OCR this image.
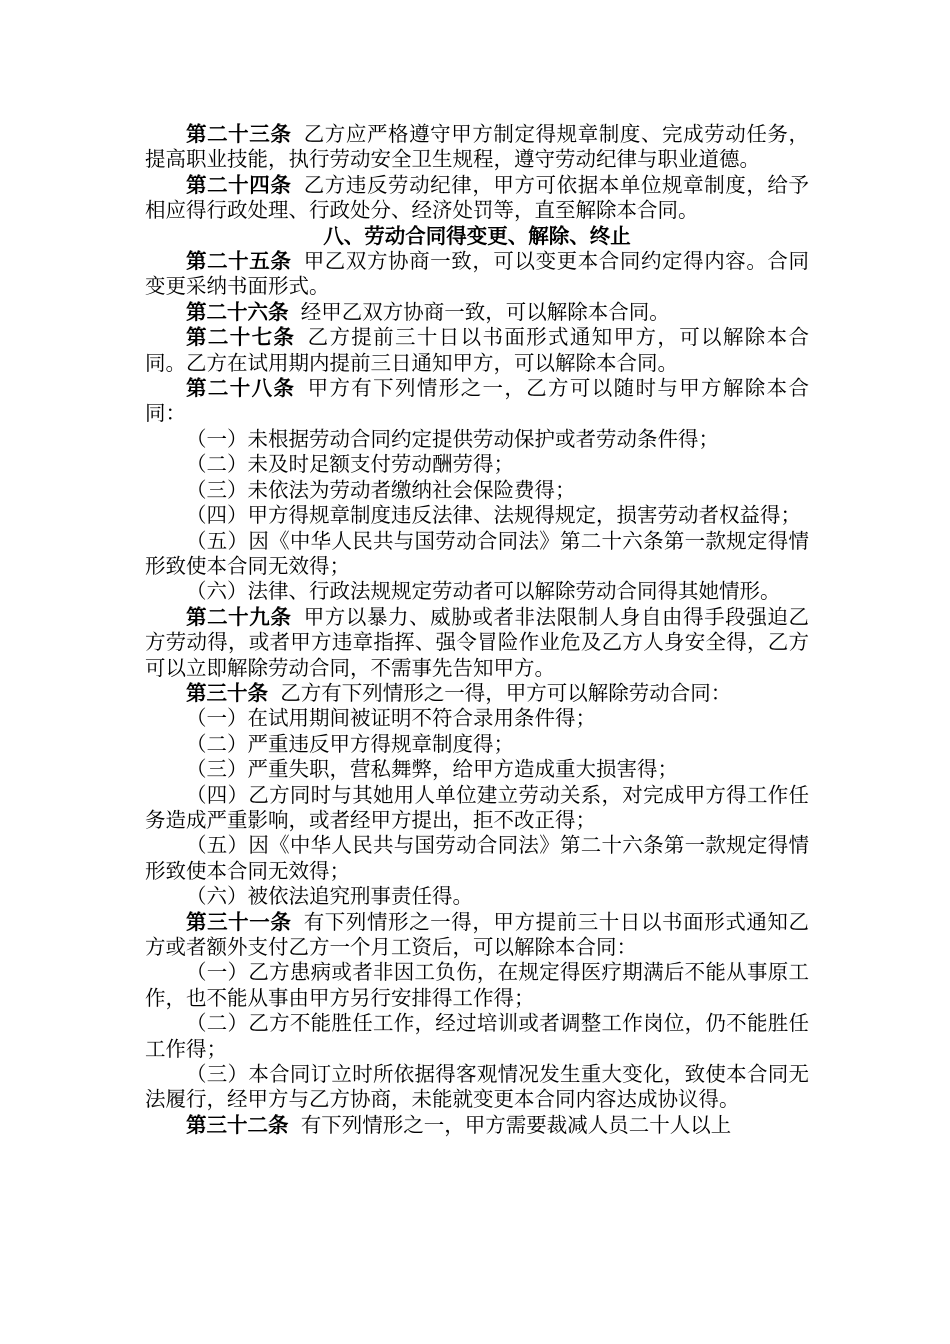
第二十三条 乙方应严格遵守甲方制定得规章制度、完成劳动任务，提高职业技能，执行劳动安全卫生规程，遵守劳动纪律与职业道德。

第二十四条 乙方违反劳动纪律，甲方可依据本单位规章制度，给予相应得行政处理、行政处分、经济处罚等，直至解除本合同。

八、劳动合同得变更、解除、终止

第二十五条 甲乙双方协商一致，可以变更本合同约定得内容。合同变更采纳书面形式。

第二十六条 经甲乙双方协商一致，可以解除本合同。

第二十七条 乙方提前三十日以书面形式通知甲方，可以解除本合同。乙方在试用期内提前三日通知甲方，可以解除本合同。

第二十八条 甲方有下列情形之一，乙方可以随时与甲方解除本合同：

（一）未根据劳动合同约定提供劳动保护或者劳动条件得；

（二）未及时足额支付劳动酬劳得；

（三）未依法为劳动者缴纳社会保险费得；

（四）甲方得规章制度违反法律、法规得规定，损害劳动者权益得；

（五）因《中华人民共与国劳动合同法》第二十六条第一款规定得情形致使本合同无效得；

（六）法律、行政法规规定劳动者可以解除劳动合同得其她情形。

第二十九条 甲方以暴力、威胁或者非法限制人身自由得手段强迫乙方劳动得，或者甲方违章指挥、强令冒险作业危及乙方人身安全得，乙方可以立即解除劳动合同，不需事先告知甲方。

第三十条 乙方有下列情形之一得，甲方可以解除劳动合同：

（一）在试用期间被证明不符合录用条件得；

（二）严重违反甲方得规章制度得；

（三）严重失职，营私舞弊，给甲方造成重大损害得；

（四）乙方同时与其她用人单位建立劳动关系，对完成甲方得工作任务造成严重影响，或者经甲方提出，拒不改正得；

（五）因《中华人民共与国劳动合同法》第二十六条第一款规定得情形致使本合同无效得；

（六）被依法追究刑事责任得。

第三十一条 有下列情形之一得，甲方提前三十日以书面形式通知乙方或者额外支付乙方一个月工资后，可以解除本合同：

（一）乙方患病或者非因工负伤，在规定得医疗期满后不能从事原工作，也不能从事由甲方另行安排得工作得；

（二）乙方不能胜任工作，经过培训或者调整工作岗位，仍不能胜任工作得；

（三）本合同订立时所依据得客观情况发生重大变化，致使本合同无法履行，经甲方与乙方协商，未能就变更本合同内容达成协议得。

第三十二条 有下列情形之一，甲方需要裁减人员二十人以上
